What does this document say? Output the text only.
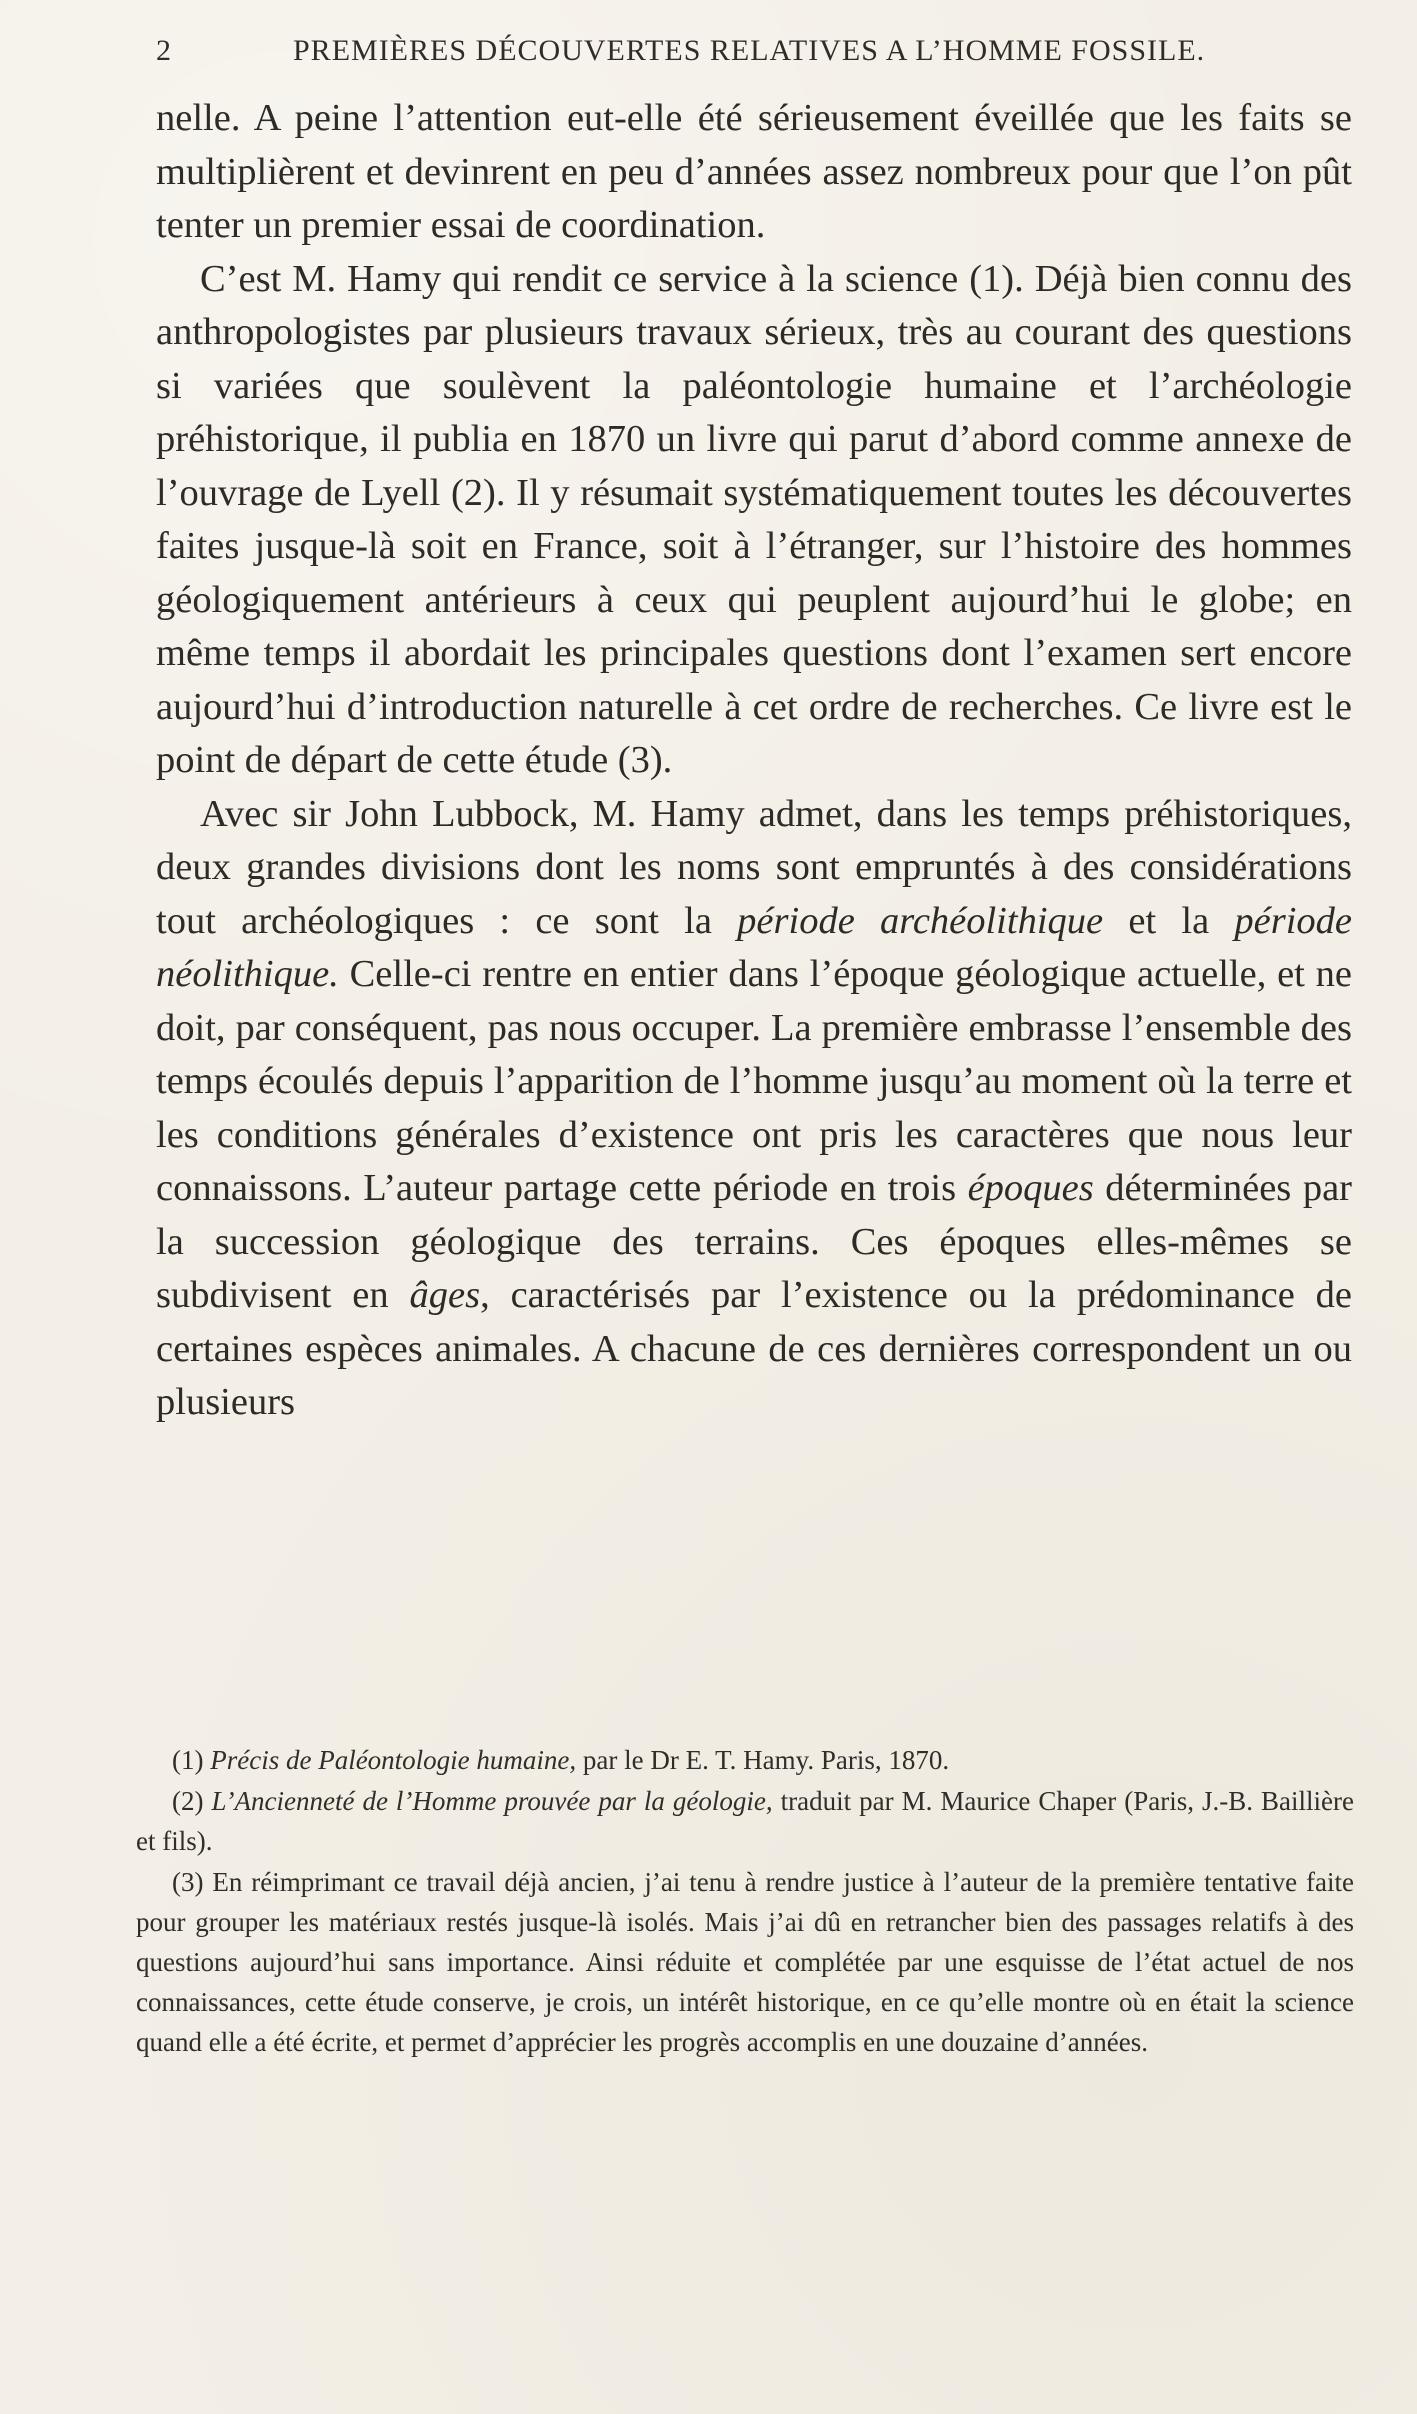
2	PREMIÈRES DÉCOUVERTES RELATIVES A L’HOMME FOSSILE.

nelle. A peine l’attention eut-elle été sérieusement éveillée que les faits se multiplièrent et devinrent en peu d’années assez nombreux pour que l’on pût tenter un premier essai de coordination.

C’est M. Hamy qui rendit ce service à la science (1). Déjà bien connu des anthropologistes par plusieurs travaux sérieux, très au courant des questions si variées que soulèvent la paléontologie humaine et l’archéologie préhistorique, il publia en 1870 un livre qui parut d’abord comme annexe de l’ouvrage de Lyell (2). Il y résumait systématiquement toutes les découvertes faites jusque-là soit en France, soit à l’étranger, sur l’histoire des hommes géologiquement antérieurs à ceux qui peuplent aujourd’hui le globe; en même temps il abordait les principales questions dont l’examen sert encore aujourd’hui d’introduction naturelle à cet ordre de recherches. Ce livre est le point de départ de cette étude (3).

Avec sir John Lubbock, M. Hamy admet, dans les temps préhistoriques, deux grandes divisions dont les noms sont empruntés à des considérations tout archéologiques : ce sont la période archéolithique et la période néolithique. Celle-ci rentre en entier dans l’époque géologique actuelle, et ne doit, par conséquent, pas nous occuper. La première embrasse l’ensemble des temps écoulés depuis l’apparition de l’homme jusqu’au moment où la terre et les conditions générales d’existence ont pris les caractères que nous leur connaissons. L’auteur partage cette période en trois époques déterminées par la succession géologique des terrains. Ces époques elles-mêmes se subdivisent en âges, caractérisés par l’existence ou la prédominance de certaines espèces animales. A chacune de ces dernières correspondent un ou plusieurs

(1) Précis de Paléontologie humaine, par le Dr E. T. Hamy. Paris, 1870.

(2) L’Ancienneté de l’Homme prouvée par la géologie, traduit par M. Maurice Chaper (Paris, J.-B. Baillière et fils).

(3) En réimprimant ce travail déjà ancien, j’ai tenu à rendre justice à l’auteur de la première tentative faite pour grouper les matériaux restés jusque-là isolés. Mais j’ai dû en retrancher bien des passages relatifs à des questions aujourd’hui sans importance. Ainsi réduite et complétée par une esquisse de l’état actuel de nos connaissances, cette étude conserve, je crois, un intérêt historique, en ce qu’elle montre où en était la science quand elle a été écrite, et permet d’apprécier les progrès accomplis en une douzaine d’années.
